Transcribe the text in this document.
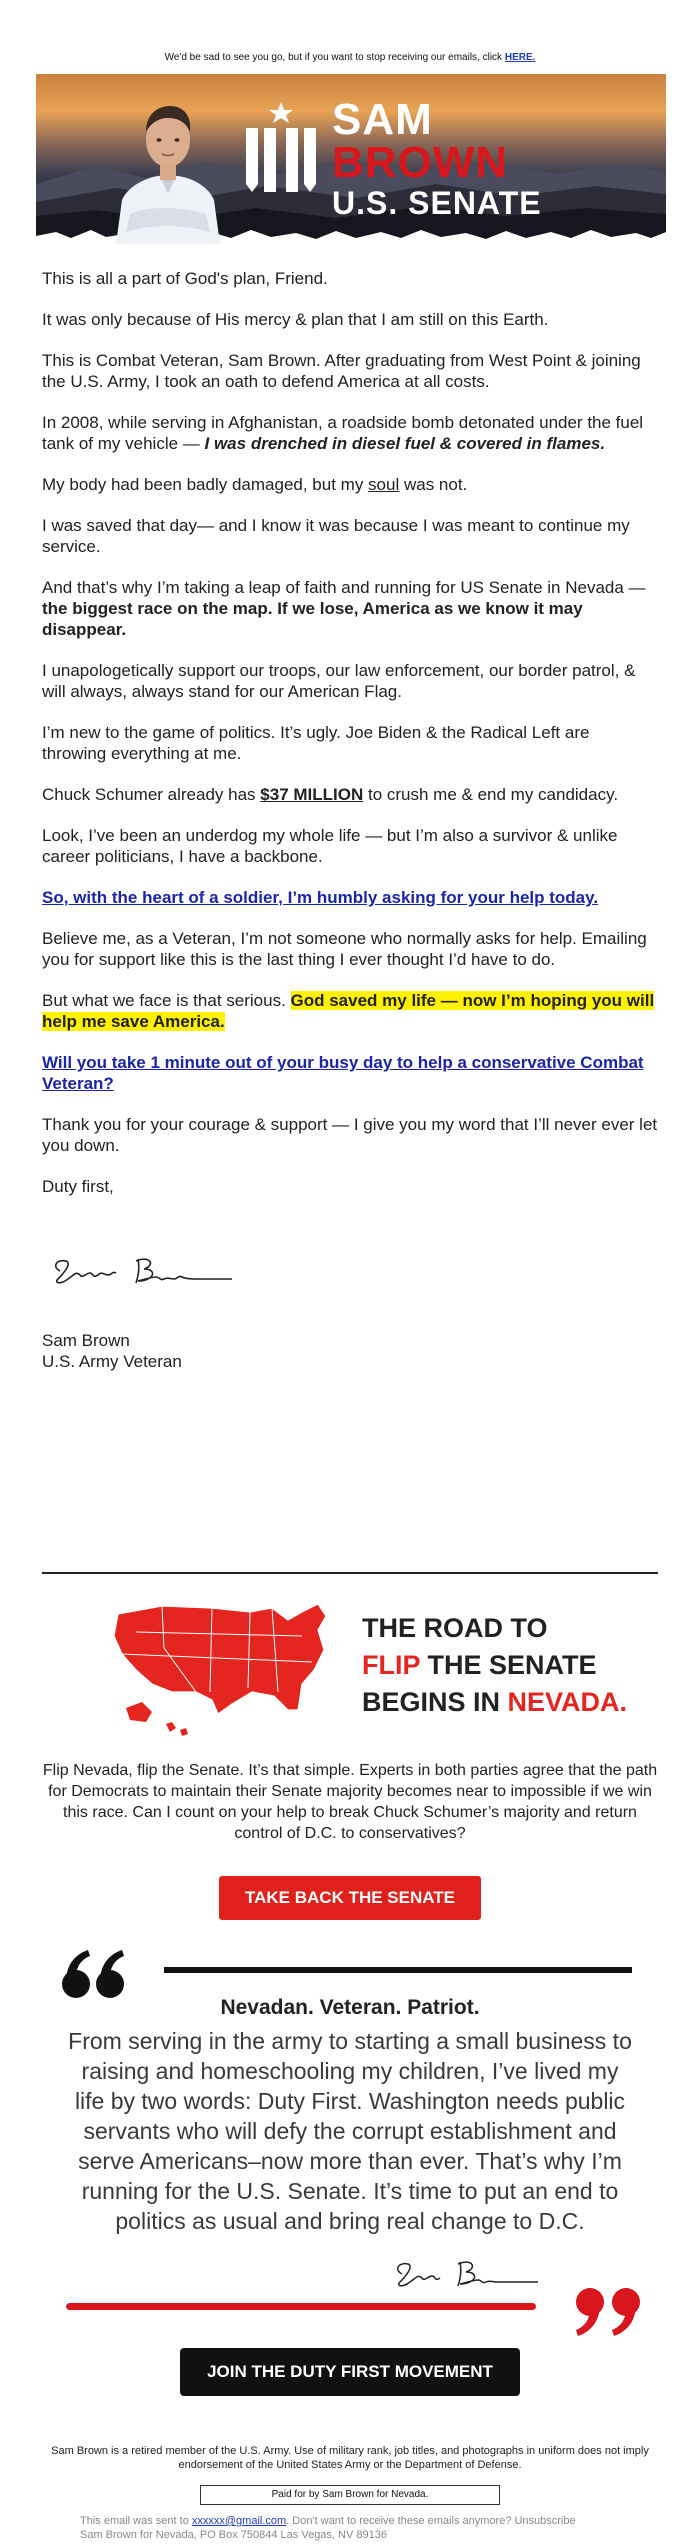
We'd be sad to see you go, but if you want to stop receiving our emails, click HERE.
SAM
BROWN
U.S. SENATE

This is all a part of God's plan, Friend.

It was only because of His mercy & plan that I am still on this Earth.

This is Combat Veteran, Sam Brown. After graduating from West Point & joining the U.S. Army, I took an oath to defend America at all costs.

In 2008, while serving in Afghanistan, a roadside bomb detonated under the fuel tank of my vehicle — I was drenched in diesel fuel & covered in flames.

My body had been badly damaged, but my soul was not.

I was saved that day— and I know it was because I was meant to continue my service.

And that’s why I’m taking a leap of faith and running for US Senate in Nevada — the biggest race on the map. If we lose, America as we know it may disappear.

I unapologetically support our troops, our law enforcement, our border patrol, & will always, always stand for our American Flag.

I’m new to the game of politics. It’s ugly. Joe Biden & the Radical Left are throwing everything at me.

Chuck Schumer already has $37 MILLION to crush me & end my candidacy.

Look, I’ve been an underdog my whole life — but I’m also a survivor & unlike career politicians, I have a backbone.

So, with the heart of a soldier, I’m humbly asking for your help today.

Believe me, as a Veteran, I’m not someone who normally asks for help. Emailing you for support like this is the last thing I ever thought I’d have to do.

But what we face is that serious. God saved my life — now I’m hoping you will help me save America.

Will you take 1 minute out of your busy day to help a conservative Combat Veteran?

Thank you for your courage & support — I give you my word that I’ll never ever let you down.

Duty first,

Sam Brown
U.S. Army Veteran
THE ROAD TO
FLIP THE SENATE
BEGINS IN NEVADA.
Flip Nevada, flip the Senate. It’s that simple. Experts in both parties agree that the path for Democrats to maintain their Senate majority becomes near to impossible if we win this race. Can I count on your help to break Chuck Schumer’s majority and return control of D.C. to conservatives?
TAKE BACK THE SENATE
Nevadan. Veteran. Patriot.
From serving in the army to starting a small business to raising and homeschooling my children, I’ve lived my life by two words: Duty First. Washington needs public servants who will defy the corrupt establishment and serve Americans–now more than ever. That’s why I’m running for the U.S. Senate. It’s time to put an end to politics as usual and bring real change to D.C.
JOIN THE DUTY FIRST MOVEMENT
Sam Brown is a retired member of the U.S. Army. Use of military rank, job titles, and photographs in uniform does not imply endorsement of the United States Army or the Department of Defense.
Paid for by Sam Brown for Nevada.
This email was sent to xxxxxx@gmail.com. Don't want to receive these emails anymore? Unsubscribe
Sam Brown for Nevada, PO Box 750844 Las Vegas, NV 89136
